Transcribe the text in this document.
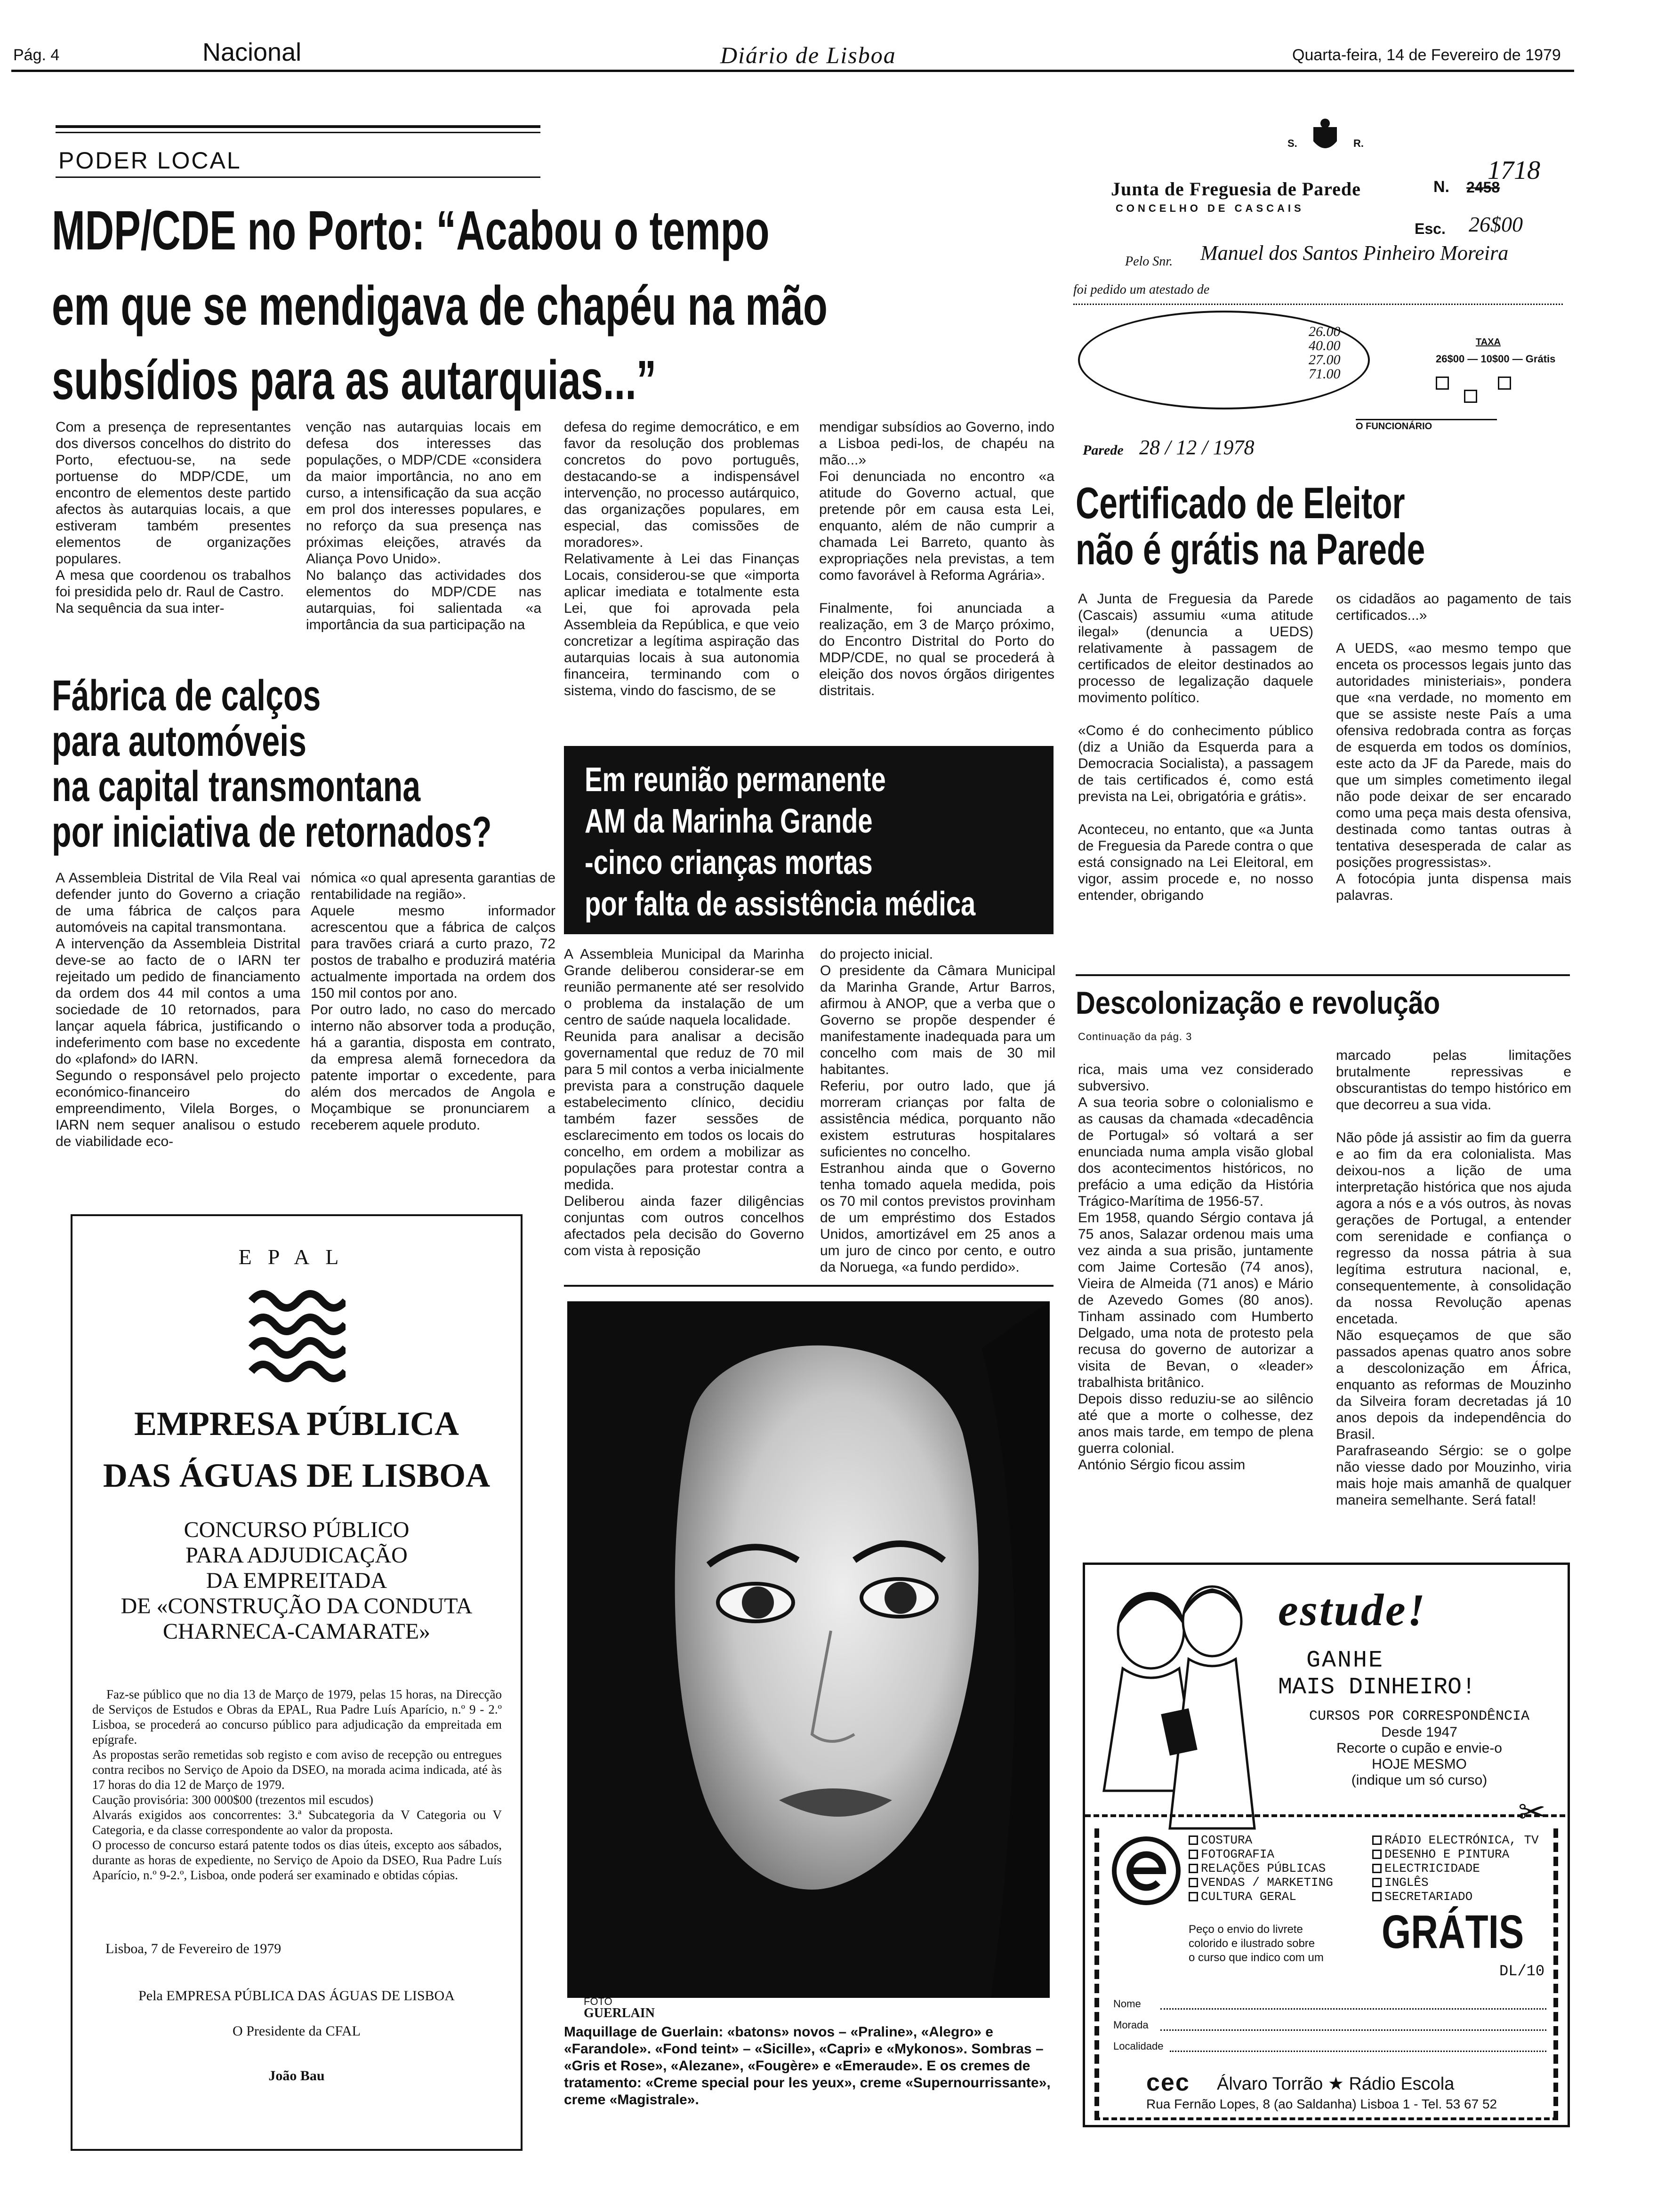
Pág. 4	Nacional	Diário de Lisboa	Quarta-feira, 14 de Fevereiro de 1979
PODER LOCAL
MDP/CDE no Porto: “Acabou o tempo
em que se mendigava de chapéu na mão
subsídios para as autarquias...”
Com a presença de representantes dos diversos concelhos do distrito do Porto, efectuou-se, na sede portuense do MDP/CDE, um encontro de elementos deste partido afectos às autarquias locais, a que estiveram também presentes elementos de organizações populares.
A mesa que coordenou os trabalhos foi presidida pelo dr. Raul de Castro.
Na sequência da sua inter-
venção nas autarquias locais em defesa dos interesses das populações, o MDP/CDE «considera da maior importância, no ano em curso, a intensificação da sua acção em prol dos interesses populares, e no reforço da sua presença nas próximas eleições, através da Aliança Povo Unido».
No balanço das actividades dos elementos do MDP/CDE nas autarquias, foi salientada «a importância da sua participação na
defesa do regime democrático, e em favor da resolução dos problemas concretos do povo português, destacando-se a indispensável intervenção, no processo autárquico, das organizações populares, em especial, das comissões de moradores».
Relativamente à Lei das Finanças Locais, considerou-se que «importa aplicar imediata e totalmente esta Lei, que foi aprovada pela Assembleia da República, e que veio concretizar a legítima aspiração das autarquias locais à sua autonomia financeira, terminando com o sistema, vindo do fascismo, de se
mendigar subsídios ao Governo, indo a Lisboa pedi-los, de chapéu na mão...»
Foi denunciada no encontro «a atitude do Governo actual, que pretende pôr em causa esta Lei, enquanto, além de não cumprir a chamada Lei Barreto, quanto às expropriações nela previstas, a tem como favorável à Reforma Agrária».

Finalmente, foi anunciada a realização, em 3 de Março próximo, do Encontro Distrital do Porto do MDP/CDE, no qual se procederá à eleição dos novos órgãos dirigentes distritais.
Fábrica de calços
para automóveis
na capital transmontana
por iniciativa de retornados?
A Assembleia Distrital de Vila Real vai defender junto do Governo a criação de uma fábrica de calços para automóveis na capital transmontana.
A intervenção da Assembleia Distrital deve-se ao facto de o IARN ter rejeitado um pedido de financiamento da ordem dos 44 mil contos a uma sociedade de 10 retornados, para lançar aquela fábrica, justificando o indeferimento com base no excedente do «plafond» do IARN.
Segundo o responsável pelo projecto económico-financeiro do empreendimento, Vilela Borges, o IARN nem sequer analisou o estudo de viabilidade eco-
nómica «o qual apresenta garantias de rentabilidade na região».
Aquele mesmo informador acrescentou que a fábrica de calços para travões criará a curto prazo, 72 postos de trabalho e produzirá matéria actualmente importada na ordem dos 150 mil contos por ano.
Por outro lado, no caso do mercado interno não absorver toda a produção, há a garantia, disposta em contrato, da empresa alemã fornecedora da patente importar o excedente, para além dos mercados de Angola e Moçambique se pronunciarem a receberem aquele produto.
Em reunião permanente
AM da Marinha Grande
-cinco crianças mortas
por falta de assistência médica
A Assembleia Municipal da Marinha Grande deliberou considerar-se em reunião permanente até ser resolvido o problema da instalação de um centro de saúde naquela localidade.
Reunida para analisar a decisão governamental que reduz de 70 mil para 5 mil contos a verba inicialmente prevista para a construção daquele estabelecimento clínico, decidiu também fazer sessões de esclarecimento em todos os locais do concelho, em ordem a mobilizar as populações para protestar contra a medida.
Deliberou ainda fazer diligências conjuntas com outros concelhos afectados pela decisão do Governo com vista à reposição
do projecto inicial.
O presidente da Câmara Municipal da Marinha Grande, Artur Barros, afirmou à ANOP, que a verba que o Governo se propõe despender é manifestamente inadequada para um concelho com mais de 30 mil habitantes.
Referiu, por outro lado, que já morreram crianças por falta de assistência médica, porquanto não existem estruturas hospitalares suficientes no concelho.
Estranhou ainda que o Governo tenha tomado aquela medida, pois os 70 mil contos previstos provinham de um empréstimo dos Estados Unidos, amortizável em 25 anos a um juro de cinco por cento, e outro da Noruega, «a fundo perdido».
EPAL
EMPRESA PÚBLICA
DAS ÁGUAS DE LISBOA
CONCURSO PÚBLICO
PARA ADJUDICAÇÃO
DA EMPREITADA
DE «CONSTRUÇÃO DA CONDUTA
CHARNECA-CAMARATE»
Faz-se público que no dia 13 de Março de 1979, pelas 15 horas, na Direcção de Serviços de Estudos e Obras da EPAL, Rua Padre Luís Aparício, n.º 9 - 2.º Lisboa, se procederá ao concurso público para adjudicação da empreitada em epígrafe.
As propostas serão remetidas sob registo e com aviso de recepção ou entregues contra recibos no Serviço de Apoio da DSEO, na morada acima indicada, até às 17 horas do dia 12 de Março de 1979.
Caução provisória: 300 000$00 (trezentos mil escudos)
Alvarás exigidos aos concorrentes: 3.ª Subcategoria da V Categoria ou V Categoria, e da classe correspondente ao valor da proposta.
O processo de concurso estará patente todos os dias úteis, excepto aos sábados, durante as horas de expediente, no Serviço de Apoio da DSEO, Rua Padre Luís Aparício, n.º 9-2.º, Lisboa, onde poderá ser examinado e obtidas cópias.
Lisboa, 7 de Fevereiro de 1979
Pela EMPRESA PÚBLICA DAS ÁGUAS DE LISBOA
O Presidente da CFAL
João Bau
FOTO
GUERLAIN
Maquillage de Guerlain: «batons» novos – «Praline», «Alegro» e «Farandole». «Fond teint» – «Sicille», «Capri» e «Mykonos». Sombras – «Gris et Rose», «Alezane», «Fougère» e «Emeraude». E os cremes de tratamento: «Creme special pour les yeux», creme «Supernourrissante», creme «Magistrale».
S.	R.
Junta de Freguesia de Parede
CONCELHO DE CASCAIS
N.
1718
2458
Esc. 26$00
Pelo Snr. Manuel dos Santos Pinheiro Moreira
foi pedido um atestado de
26.00
40.00
27.00
71.00
TAXA
26$00 — 10$00 — Grátis

O FUNCIONÁRIO
Parede 28 / 12 / 1978
Certificado de Eleitor
não é grátis na Parede
A Junta de Freguesia da Parede (Cascais) assumiu «uma atitude ilegal» (denuncia a UEDS) relativamente à passagem de certificados de eleitor destinados ao processo de legalização daquele movimento político.

«Como é do conhecimento público (diz a União da Esquerda para a Democracia Socialista), a passagem de tais certificados é, como está prevista na Lei, obrigatória e grátis».

Aconteceu, no entanto, que «a Junta de Freguesia da Parede contra o que está consignado na Lei Eleitoral, em vigor, assim procede e, no nosso entender, obrigando
os cidadãos ao pagamento de tais certificados...»

A UEDS, «ao mesmo tempo que enceta os processos legais junto das autoridades ministeriais», pondera que «na verdade, no momento em que se assiste neste País a uma ofensiva redobrada contra as forças de esquerda em todos os domínios, este acto da JF da Parede, mais do que um simples cometimento ilegal não pode deixar de ser encarado como uma peça mais desta ofensiva, destinada como tantas outras à tentativa desesperada de calar as posições progressistas».
A fotocópia junta dispensa mais palavras.
Descolonização e revolução
Continuação da pág. 3
rica, mais uma vez considerado subversivo.
A sua teoria sobre o colonialismo e as causas da chamada «decadência de Portugal» só voltará a ser enunciada numa ampla visão global dos acontecimentos históricos, no prefácio a uma edição da História Trágico-Marítima de 1956-57.
Em 1958, quando Sérgio contava já 75 anos, Salazar ordenou mais uma vez ainda a sua prisão, juntamente com Jaime Cortesão (74 anos), Vieira de Almeida (71 anos) e Mário de Azevedo Gomes (80 anos). Tinham assinado com Humberto Delgado, uma nota de protesto pela recusa do governo de autorizar a visita de Bevan, o «leader» trabalhista britânico.
Depois disso reduziu-se ao silêncio até que a morte o colhesse, dez anos mais tarde, em tempo de plena guerra colonial.
António Sérgio ficou assim
marcado pelas limitações brutalmente repressivas e obscurantistas do tempo histórico em que decorreu a sua vida.

Não pôde já assistir ao fim da guerra e ao fim da era colonialista. Mas deixou-nos a lição de uma interpretação histórica que nos ajuda agora a nós e a vós outros, às novas gerações de Portugal, a entender com serenidade e confiança o regresso da nossa pátria à sua legítima estrutura nacional, e, consequentemente, à consolidação da nossa Revolução apenas encetada.
Não esqueçamos de que são passados apenas quatro anos sobre a descolonização em África, enquanto as reformas de Mouzinho da Silveira foram decretadas já 10 anos depois da independência do Brasil.
Parafraseando Sérgio: se o golpe não viesse dado por Mouzinho, viria mais hoje mais amanhã de qualquer maneira semelhante. Será fatal!
estude!
GANHE
MAIS DINHEIRO!
CURSOS POR CORRESPONDÊNCIA
Desde 1947
Recorte o cupão e envie-o
HOJE MESMO
(indique um só curso)
✂
COSTURA
FOTOGRAFIA
RELAÇÕES PÚBLICAS
VENDAS / MARKETING
CULTURA GERAL
RÁDIO ELECTRÓNICA, TV
DESENHO E PINTURA
ELECTRICIDADE
INGLÊS
SECRETARIADO
Peço o envio do livrete
colorido e ilustrado sobre
o curso que indico com um GRÁTIS
DL/10
Nome
Morada
Localidade
cec Álvaro Torrão ★ Rádio Escola
Rua Fernão Lopes, 8 (ao Saldanha) Lisboa 1 - Tel. 53 67 52
